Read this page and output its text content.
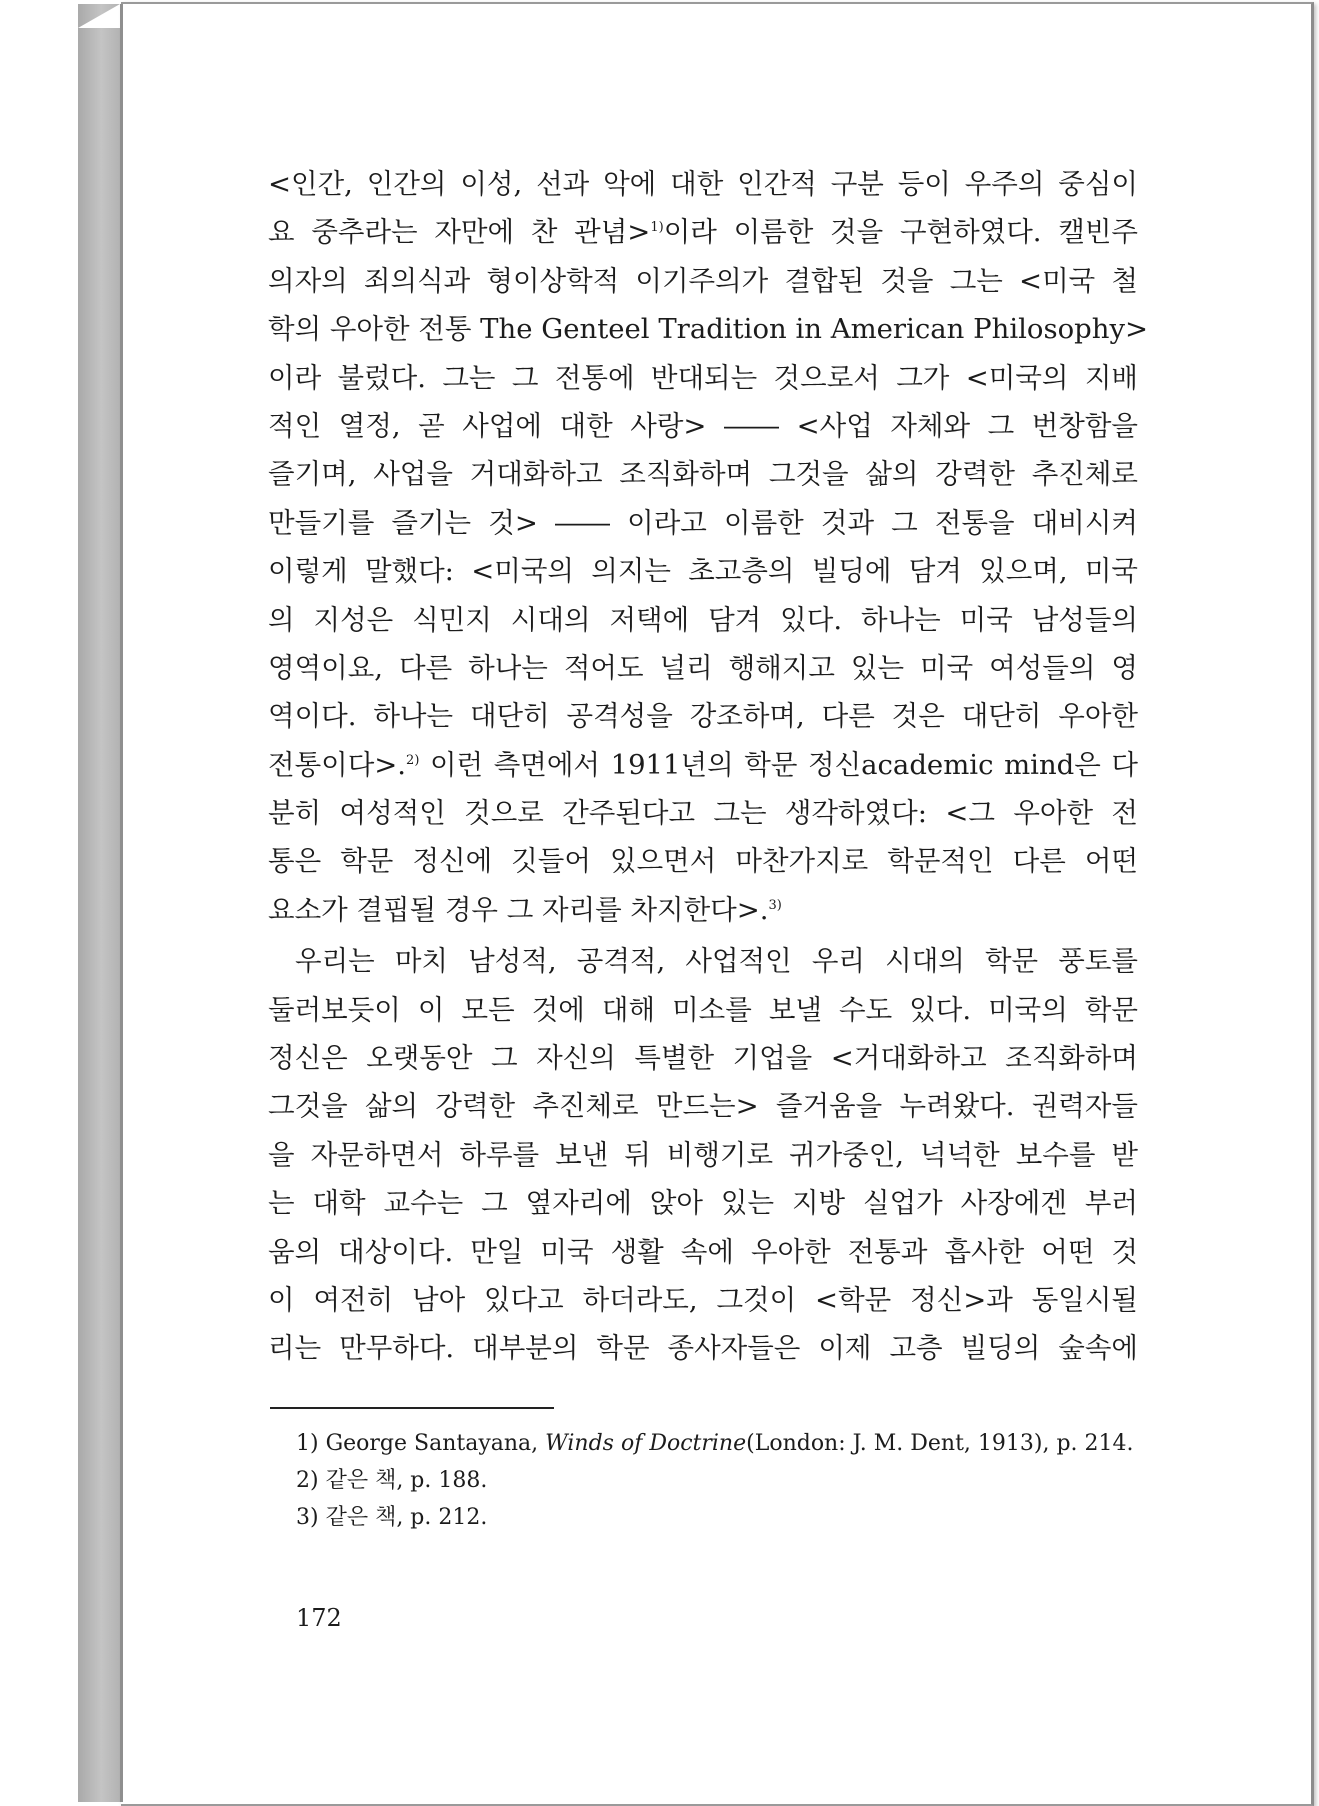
<인간, 인간의 이성, 선과 악에 대한 인간적 구분 등이 우주의 중심이
요 중추라는 자만에 찬 관념>$^{1)}$이라 이름한 것을 구현하였다. 캘빈주
의자의 죄의식과 형이상학적 이기주의가 결합된 것을 그는 <미국 철
학의 우아한 전통 The Genteel Tradition in American Philosophy>
이라 불렀다. 그는 그 전통에 반대되는 것으로서 그가 <미국의 지배
적인 열정, 곧 사업에 대한 사랑> ―― <사업 자체와 그 번창함을
즐기며, 사업을 거대화하고 조직화하며 그것을 삶의 강력한 추진체로
만들기를 즐기는 것> ―― 이라고 이름한 것과 그 전통을 대비시켜
이렇게 말했다: <미국의 의지는 초고층의 빌딩에 담겨 있으며, 미국
의 지성은 식민지 시대의 저택에 담겨 있다. 하나는 미국 남성들의
영역이요, 다른 하나는 적어도 널리 행해지고 있는 미국 여성들의 영
역이다. 하나는 대단히 공격성을 강조하며, 다른 것은 대단히 우아한
전통이다>.$^{2)}$ 이런 측면에서 1911년의 학문 정신academic mind은 다
분히 여성적인 것으로 간주된다고 그는 생각하였다: <그 우아한 전
통은 학문 정신에 깃들어 있으면서 마찬가지로 학문적인 다른 어떤
요소가 결핍될 경우 그 자리를 차지한다>.$^{3)}$
우리는 마치 남성적, 공격적, 사업적인 우리 시대의 학문 풍토를
둘러보듯이 이 모든 것에 대해 미소를 보낼 수도 있다. 미국의 학문
정신은 오랫동안 그 자신의 특별한 기업을 <거대화하고 조직화하며
그것을 삶의 강력한 추진체로 만드는> 즐거움을 누려왔다. 권력자들
을 자문하면서 하루를 보낸 뒤 비행기로 귀가중인, 넉넉한 보수를 받
는 대학 교수는 그 옆자리에 앉아 있는 지방 실업가 사장에겐 부러
움의 대상이다. 만일 미국 생활 속에 우아한 전통과 흡사한 어떤 것
이 여전히 남아 있다고 하더라도, 그것이 <학문 정신>과 동일시될
리는 만무하다. 대부분의 학문 종사자들은 이제 고층 빌딩의 숲속에
1) George Santayana, Winds of Doctrine(London: J. M. Dent, 1913), p. 214.
2) 같은 책, p. 188.
3) 같은 책, p. 212.
172
